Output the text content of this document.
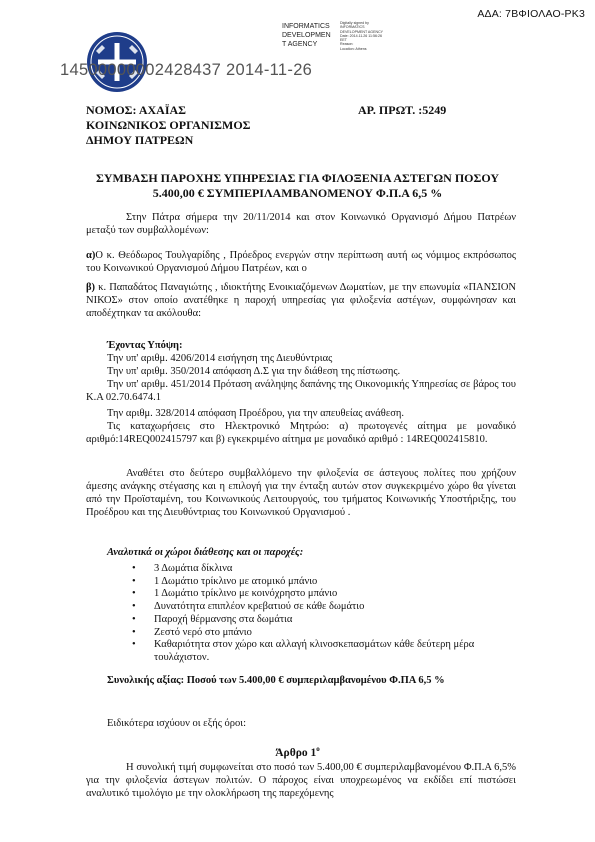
ΑΔΑ: 7ΒΦΙΟΛΑΟ-ΡΚ3
INFORMATICS
DEVELOPMEN
T AGENCY
Digitally signed by
INFORMATICS
DEVELOPMENT AGENCY
Date: 2014.11.26 11:56:26
EET
Reason:
Location: Athens
14500000002428437 2014-11-26
ΝΟΜΟΣ: ΑΧΑΪΑΣ	ΑΡ. ΠΡΩΤ. :5249
ΚΟΙΝΩΝΙΚΟΣ ΟΡΓΑΝΙΣΜΟΣ
ΔΗΜΟΥ ΠΑΤΡΕΩΝ
ΣΥΜΒΑΣΗ ΠΑΡΟΧΗΣ ΥΠΗΡΕΣΙΑΣ ΓΙΑ ΦΙΛΟΞΕΝΙΑ ΑΣΤΕΓΩΝ ΠΟΣΟΥ
5.400,00 € ΣΥΜΠΕΡΙΛΑΜΒΑΝΟΜΕΝΟΥ Φ.Π.Α 6,5 %
Στην Πάτρα σήμερα την 20/11/2014 και στον Κοινωνικό Οργανισμό Δήμου Πατρέων μεταξύ των συμβαλλομένων:
α)Ο κ. Θεόδωρος Τουλγαρίδης , Πρόεδρος ενεργών στην περίπτωση αυτή ως νόμιμος εκπρόσωπος του Κοινωνικού Οργανισμού Δήμου Πατρέων, και ο
β) κ. Παπαδάτος Παναγιώτης , ιδιοκτήτης Ενοικιαζόμενων Δωματίων, με την επωνυμία «ΠΑΝΣΙΟΝ ΝΙΚΟΣ» στον οποίο ανατέθηκε η παροχή υπηρεσίας για φιλοξενία αστέγων, συμφώνησαν και αποδέχτηκαν τα ακόλουθα:
Έχοντας Υπόψη:
Την υπ' αριθμ. 4206/2014 εισήγηση της Διευθύντριας
Την υπ' αριθμ. 350/2014 απόφαση Δ.Σ για την διάθεση της πίστωσης.
Την υπ' αριθμ. 451/2014 Πρόταση ανάληψης δαπάνης της Οικονομικής Υπηρεσίας σε βάρος του Κ.Α 02.70.6474.1
Την αριθμ. 328/2014 απόφαση Προέδρου, για την απευθείας ανάθεση.
Τις καταχωρήσεις στο Ηλεκτρονικό Μητρώο: α) πρωτογενές αίτημα με μοναδικό αριθμό:14REQ002415797 και β) εγκεκριμένο αίτημα με μοναδικό αριθμό : 14REQ002415810.
Αναθέτει στο δεύτερο συμβαλλόμενο την φιλοξενία σε άστεγους πολίτες που χρήζουν άμεσης ανάγκης στέγασης και η επιλογή για την ένταξη αυτών στον συγκεκριμένο χώρο θα γίνεται από την Προϊσταμένη, του Κοινωνικούς Λειτουργούς, του τμήματος Κοινωνικής Υποστήριξης, του Προέδρου και της Διευθύντριας του Κοινωνικού Οργανισμού .
Αναλυτικά οι χώροι διάθεσης και οι παροχές:
• 3 Δωμάτια δίκλινα
• 1 Δωμάτιο τρίκλινο με ατομικό μπάνιο
• 1 Δωμάτιο τρίκλινο με κοινόχρηστο μπάνιο
• Δυνατότητα επιπλέον κρεβατιού σε κάθε δωμάτιο
• Παροχή θέρμανσης στα δωμάτια
• Ζεστό νερό στο μπάνιο
• Καθαριότητα στον χώρο και αλλαγή κλινοσκεπασμάτων κάθε δεύτερη μέρα τουλάχιστον.
Συνολικής αξίας: Ποσού των 5.400,00 € συμπεριλαμβανομένου Φ.ΠΑ 6,5 %
Ειδικότερα ισχύουν οι εξής όροι:
Άρθρο $1^o$
Η συνολική τιμή συμφωνείται στο ποσό των 5.400,00 € συμπεριλαμβανομένου Φ.Π.Α 6,5% για την φιλοξενία άστεγων πολιτών. Ο πάροχος είναι υποχρεωμένος να εκδίδει επί πιστώσει αναλυτικό τιμολόγιο με την ολοκλήρωση της παρεχόμενης
